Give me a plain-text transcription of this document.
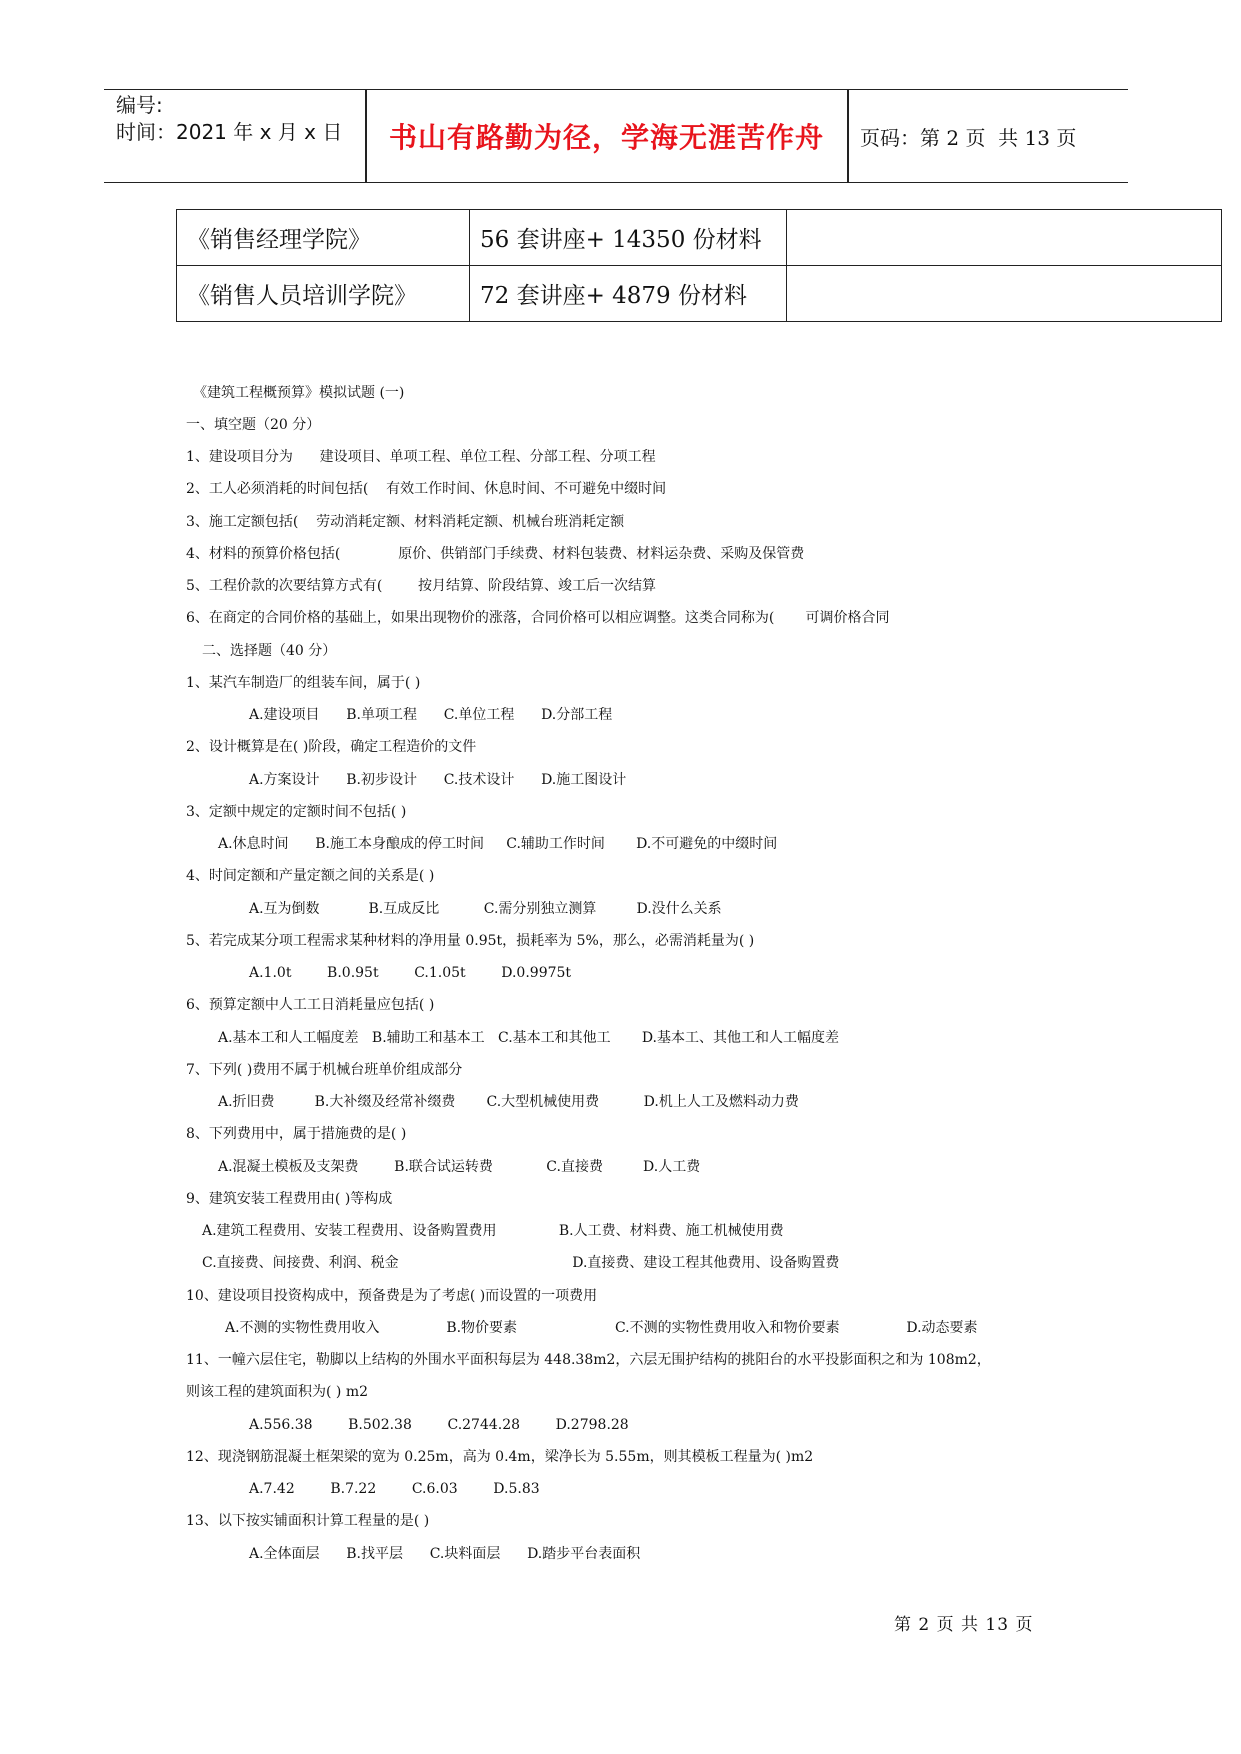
编号:
时间：2021 年 x 月 x 日	书山有路勤为径，学海无涯苦作舟	页码：第 2 页  共 13 页
《销售经理学院》	56 套讲座+ 14350 份材料	
《销售人员培训学院》	72 套讲座+ 4879 份材料	
《建筑工程概预算》模拟试题 (一)
一、填空题（20 分）
1、建设项目分为      建设项目、单项工程、单位工程、分部工程、分项工程
2、工人必须消耗的时间包括(    有效工作时间、休息时间、不可避免中缀时间
3、施工定额包括(    劳动消耗定额、材料消耗定额、机械台班消耗定额
4、材料的预算价格包括(             原价、供销部门手续费、材料包装费、材料运杂费、采购及保管费
5、工程价款的次要结算方式有(        按月结算、阶段结算、竣工后一次结算
6、在商定的合同价格的基础上，如果出现物价的涨落，合同价格可以相应调整。这类合同称为(       可调价格合同
二、选择题（40 分）
1、某汽车制造厂的组装车间，属于( )
A.建设项目      B.单项工程      C.单位工程      D.分部工程
2、设计概算是在( )阶段，确定工程造价的文件
A.方案设计      B.初步设计      C.技术设计      D.施工图设计
3、定额中规定的定额时间不包括( )
A.休息时间      B.施工本身酿成的停工时间     C.辅助工作时间       D.不可避免的中缀时间
4、时间定额和产量定额之间的关系是( )
A.互为倒数           B.互成反比          C.需分别独立测算         D.没什么关系
5、若完成某分项工程需求某种材料的净用量 0.95t，损耗率为 5%，那么，必需消耗量为( )
A.1.0t        B.0.95t        C.1.05t        D.0.9975t
6、预算定额中人工工日消耗量应包括( )
A.基本工和人工幅度差   B.辅助工和基本工   C.基本工和其他工       D.基本工、其他工和人工幅度差
7、下列( )费用不属于机械台班单价组成部分
A.折旧费         B.大补缀及经常补缀费       C.大型机械使用费          D.机上人工及燃料动力费
8、下列费用中，属于措施费的是( )
A.混凝土模板及支架费        B.联合试运转费            C.直接费         D.人工费
9、建筑安装工程费用由( )等构成
A.建筑工程费用、安装工程费用、设备购置费用              B.人工费、材料费、施工机械使用费
C.直接费、间接费、利润、税金                                       D.直接费、建设工程其他费用、设备购置费
10、建设项目投资构成中，预备费是为了考虑( )而设置的一项费用
A.不测的实物性费用收入               B.物价要素                      C.不测的实物性费用收入和物价要素               D.动态要素
11、一幢六层住宅，勒脚以上结构的外围水平面积每层为 448.38m2，六层无围护结构的挑阳台的水平投影面积之和为 108m2，
则该工程的建筑面积为( ) m2
A.556.38        B.502.38        C.2744.28        D.2798.28
12、现浇钢筋混凝土框架梁的宽为 0.25m，高为 0.4m，梁净长为 5.55m，则其模板工程量为( )m2
A.7.42        B.7.22        C.6.03        D.5.83
13、以下按实铺面积计算工程量的是( )
A.全体面层      B.找平层      C.块料面层      D.踏步平台表面积
第 2 页 共 13 页
